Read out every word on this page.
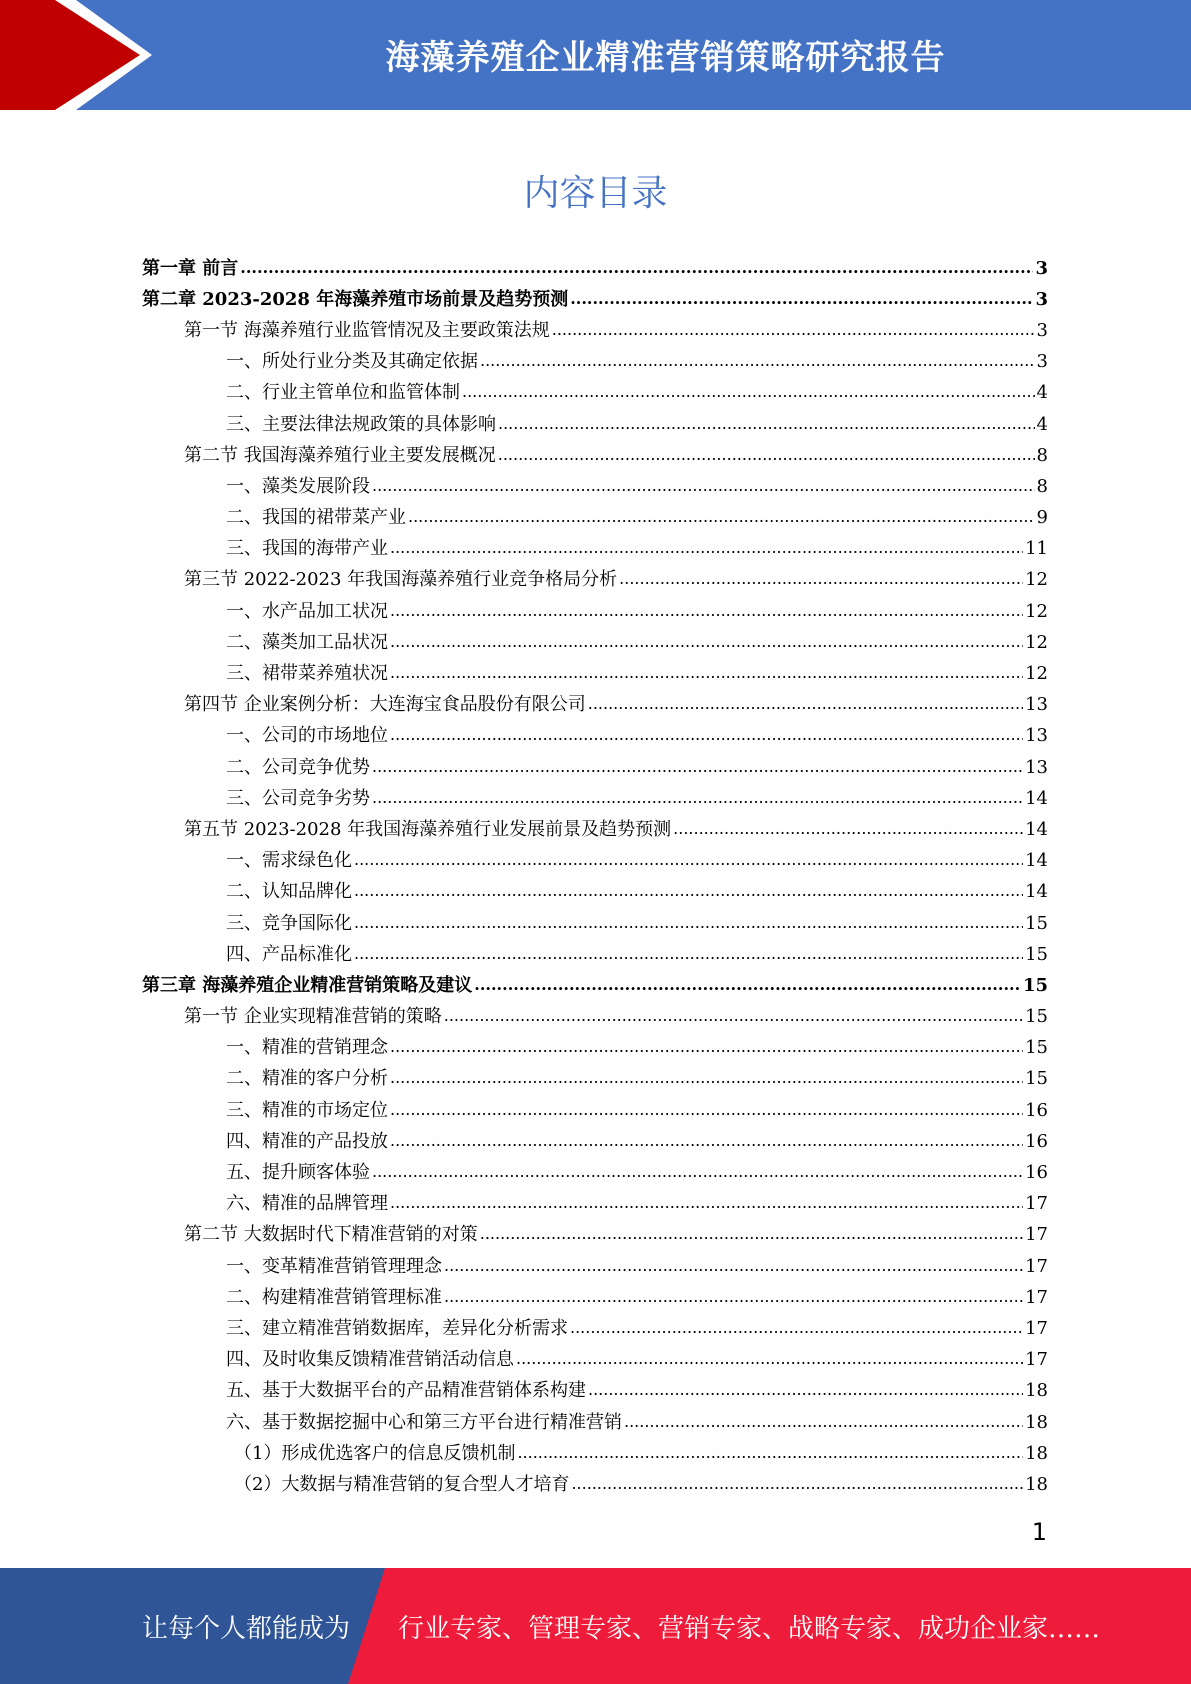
海藻养殖企业精准营销策略研究报告
内容目录
第一章 前言 .....	3
第二章 2023-2028 年海藻养殖市场前景及趋势预测 .....	3
第一节 海藻养殖行业监管情况及主要政策法规 .....	3
一、所处行业分类及其确定依据 .....	3
二、行业主管单位和监管体制 .....	4
三、主要法律法规政策的具体影响 .....	4
第二节 我国海藻养殖行业主要发展概况 .....	8
一、藻类发展阶段 .....	8
二、我国的裙带菜产业 .....	9
三、我国的海带产业 .....	11
第三节 2022-2023 年我国海藻养殖行业竞争格局分析 .....	12
一、水产品加工状况 .....	12
二、藻类加工品状况 .....	12
三、裙带菜养殖状况 .....	12
第四节 企业案例分析：大连海宝食品股份有限公司 .....	13
一、公司的市场地位 .....	13
二、公司竞争优势 .....	13
三、公司竞争劣势 .....	14
第五节 2023-2028 年我国海藻养殖行业发展前景及趋势预测 .....	14
一、需求绿色化 .....	14
二、认知品牌化 .....	14
三、竞争国际化 .....	15
四、产品标准化 .....	15
第三章 海藻养殖企业精准营销策略及建议 .....	15
第一节 企业实现精准营销的策略 .....	15
一、精准的营销理念 .....	15
二、精准的客户分析 .....	15
三、精准的市场定位 .....	16
四、精准的产品投放 .....	16
五、提升顾客体验 .....	16
六、精准的品牌管理 .....	17
第二节 大数据时代下精准营销的对策 .....	17
一、变革精准营销管理理念 .....	17
二、构建精准营销管理标准 .....	17
三、建立精准营销数据库，差异化分析需求 .....	17
四、及时收集反馈精准营销活动信息 .....	17
五、基于大数据平台的产品精准营销体系构建 .....	18
六、基于数据挖掘中心和第三方平台进行精准营销 .....	18
（1）形成优选客户的信息反馈机制 .....	18
（2）大数据与精准营销的复合型人才培育 .....	18
1
让每个人都能成为 行业专家、管理专家、营销专家、战略专家、成功企业家……
